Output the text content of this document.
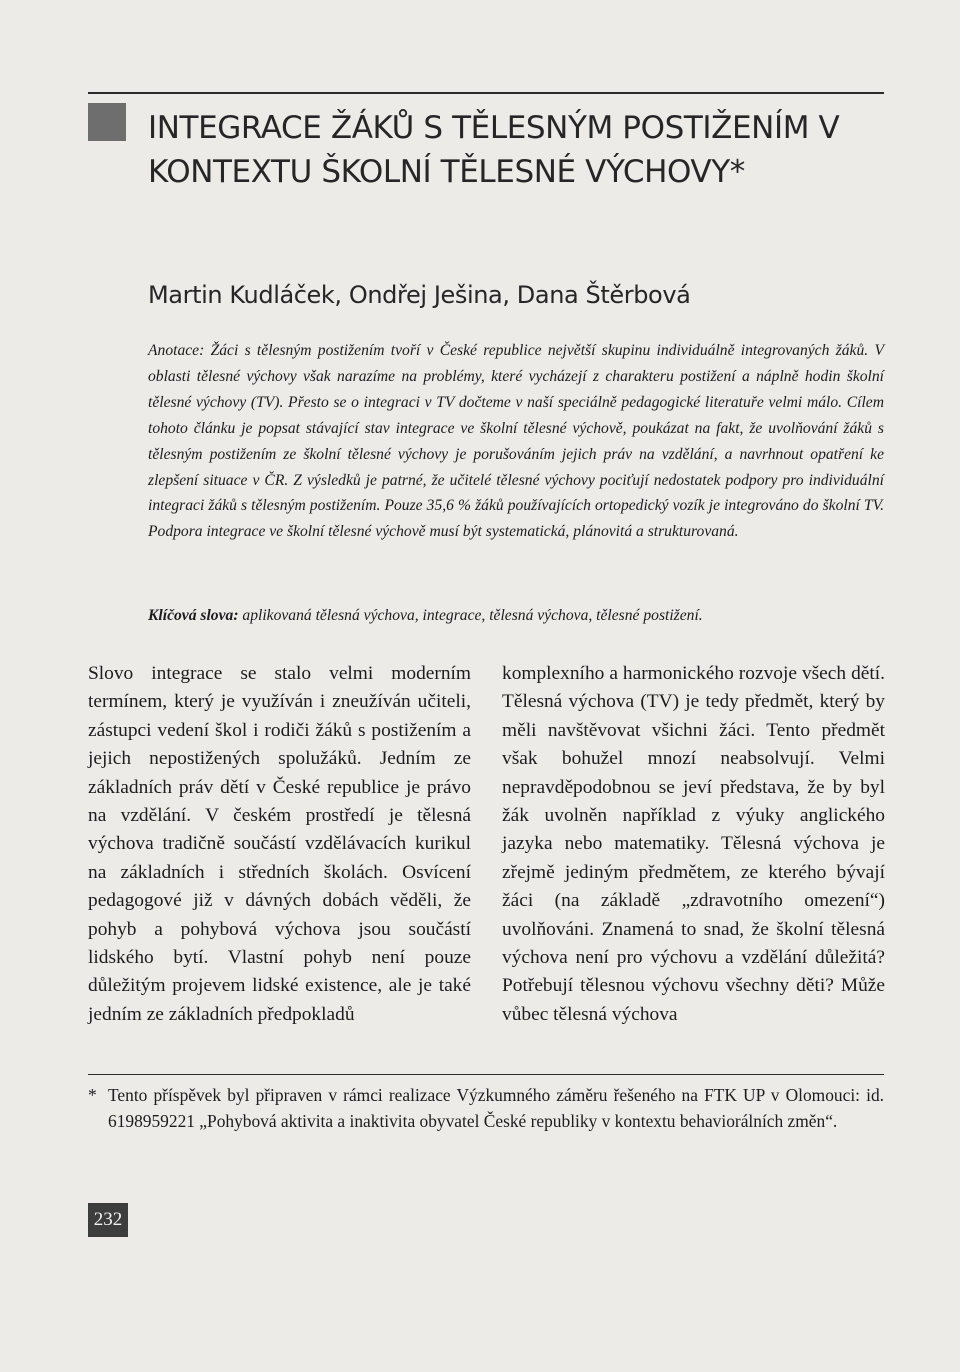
INTEGRACE ŽÁKŮ S TĚLESNÝM POSTIŽENÍM V KONTEXTU ŠKOLNÍ TĚLESNÉ VÝCHOVY*

Martin Kudláček, Ondřej Ješina, Dana Štěrbová

Anotace: Žáci s tělesným postižením tvoří v České republice největší skupinu individuálně integrovaných žáků. V oblasti tělesné výchovy však narazíme na problémy, které vycházejí z charakteru postižení a náplně hodin školní tělesné výchovy (TV). Přesto se o integraci v TV dočteme v naší speciálně pedagogické literatuře velmi málo. Cílem tohoto článku je popsat stávající stav integrace ve školní tělesné výchově, poukázat na fakt, že uvolňování žáků s tělesným postižením ze školní tělesné výchovy je porušováním jejich práv na vzdělání, a navrhnout opatření ke zlepšení situace v ČR. Z výsledků je patrné, že učitelé tělesné výchovy pociťují nedostatek podpory pro individuální integraci žáků s tělesným postižením. Pouze 35,6 % žáků používajících ortopedický vozík je integrováno do školní TV. Podpora integrace ve školní tělesné výchově musí být systematická, plánovitá a strukturovaná.

Klíčová slova: aplikovaná tělesná výchova, integrace, tělesná výchova, tělesné postižení.

Slovo integrace se stalo velmi moderním termínem, který je využíván i zneužíván učiteli, zástupci vedení škol i rodiči žáků s postižením a jejich nepostižených spolužáků. Jedním ze základních práv dětí v České republice je právo na vzdělání. V českém prostředí je tělesná výchova tradičně součástí vzdělávacích kurikul na základních i středních školách. Osvícení pedagogové již v dávných dobách věděli, že pohyb a pohybová výchova jsou součástí lidského bytí. Vlastní pohyb není pouze důležitým projevem lidské existence, ale je také jedním ze základních předpokladů

komplexního a harmonického rozvoje všech dětí. Tělesná výchova (TV) je tedy předmět, který by měli navštěvovat všichni žáci. Tento předmět však bohužel mnozí neabsolvují. Velmi nepravděpodobnou se jeví představa, že by byl žák uvolněn například z výuky anglického jazyka nebo matematiky. Tělesná výchova je zřejmě jediným předmětem, ze kterého bývají žáci (na základě „zdravotního omezení“) uvolňováni. Znamená to snad, že školní tělesná výchova není pro výchovu a vzdělání důležitá? Potřebují tělesnou výchovu všechny děti? Může vůbec tělesná výchova

* Tento příspěvek byl připraven v rámci realizace Výzkumného záměru řešeného na FTK UP v Olomouci: id. 6198959221 „Pohybová aktivita a inaktivita obyvatel České republiky v kontextu behaviorálních změn“.

232
